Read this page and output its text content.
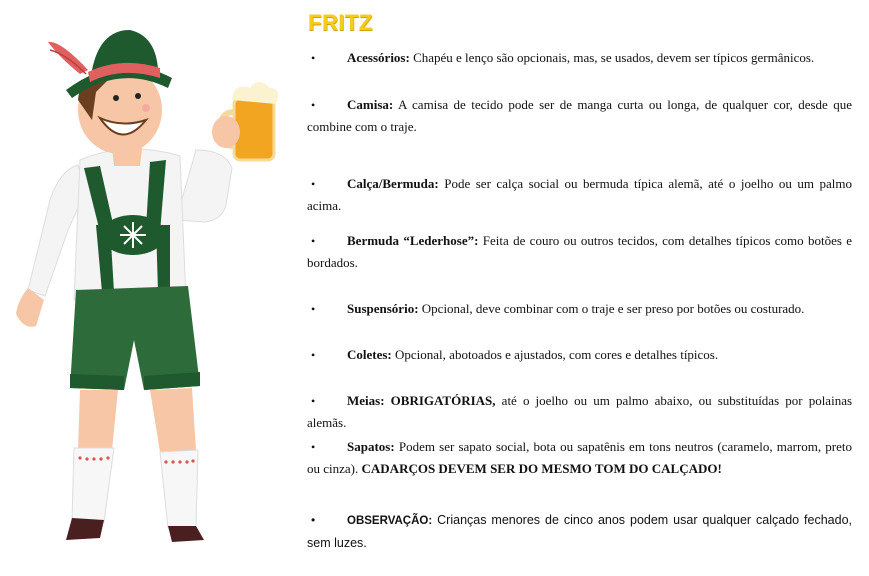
FRITZ
• Acessórios: Chapéu e lenço são opcionais, mas, se usados, devem ser típicos germânicos.
• Camisa: A camisa de tecido pode ser de manga curta ou longa, de qualquer cor, desde que combine com o traje.
• Calça/Bermuda: Pode ser calça social ou bermuda típica alemã, até o joelho ou um palmo acima.
• Bermuda “Lederhose”: Feita de couro ou outros tecidos, com detalhes típicos como botões e bordados.
• Suspensório: Opcional, deve combinar com o traje e ser preso por botões ou costurado.
• Coletes: Opcional, abotoados e ajustados, com cores e detalhes típicos.
• Meias: OBRIGATÓRIAS, até o joelho ou um palmo abaixo, ou substituídas por polainas alemãs.
• Sapatos: Podem ser sapato social, bota ou sapatênis em tons neutros (caramelo, marrom, preto ou cinza). CADARÇOS DEVEM SER DO MESMO TOM DO CALÇADO!
•	OBSERVAÇÃO: Crianças menores de cinco anos podem usar qualquer calçado fechado, sem luzes.
